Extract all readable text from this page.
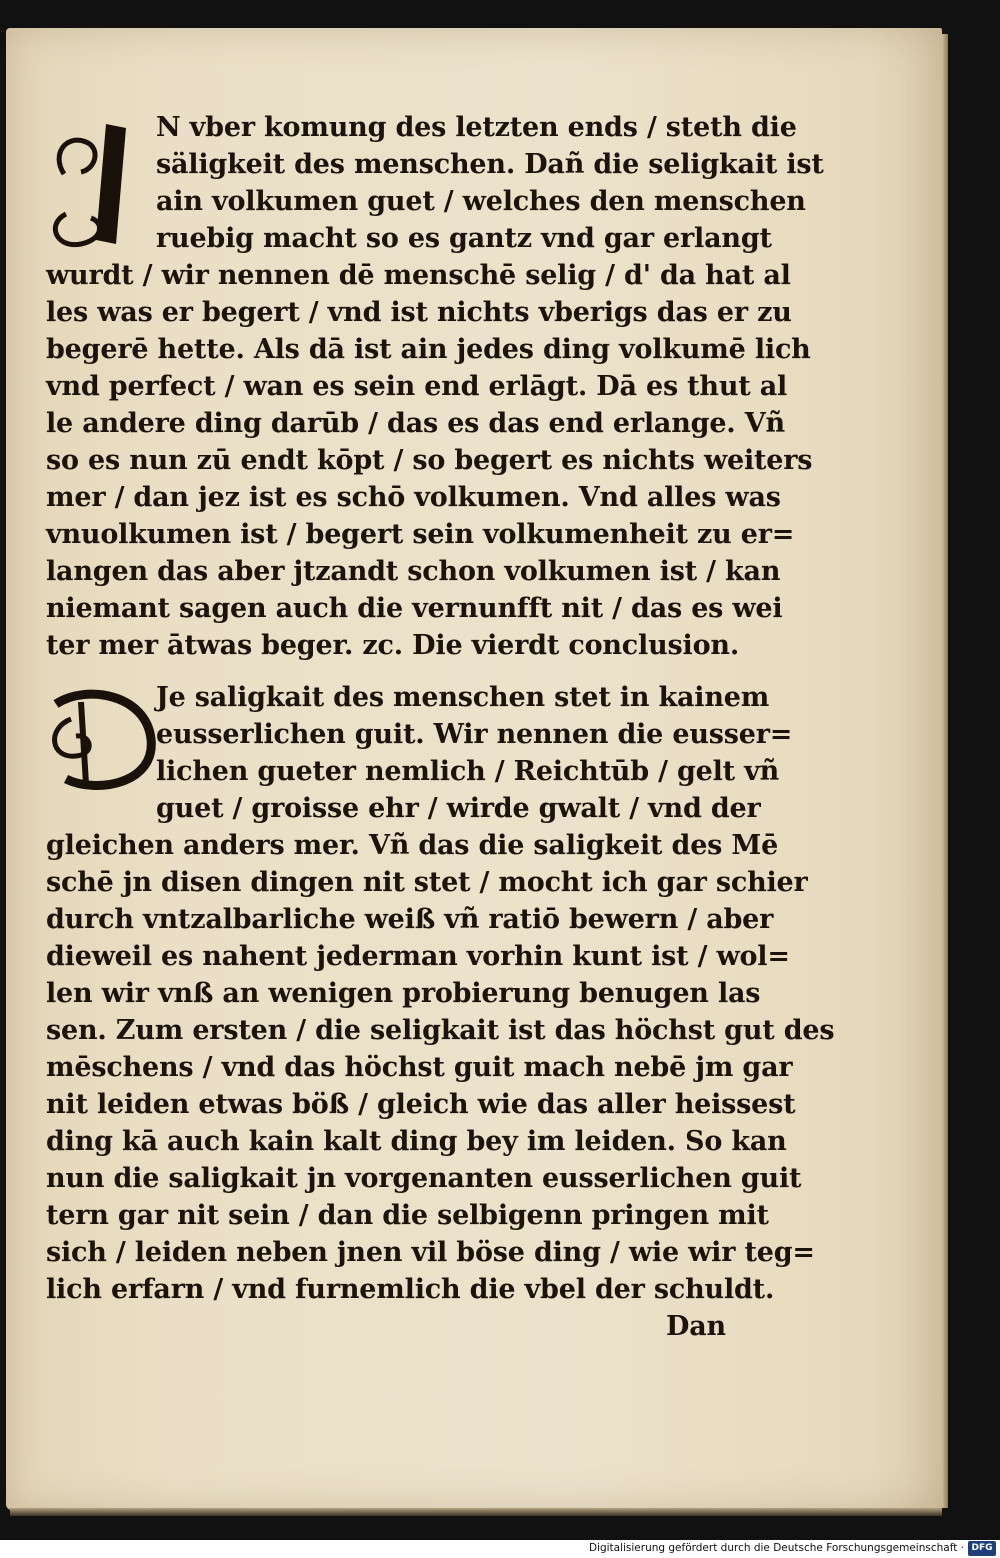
N vber komung des letzten ends / steth die
säligkeit des menschen. Dañ die seligkait ist
ain volkumen guet / welches den menschen
ruebig macht so es gantz vnd gar erlangt
wurdt / wir nennen dē menschē selig / d' da hat al
les was er begert / vnd ist nichts vberigs das er zu
begerē hette. Als dā ist ain jedes ding volkumē lich
vnd perfect / wan es sein end erlāgt. Dā es thut al
le andere ding darūb / das es das end erlange. Vñ
so es nun zū endt kōpt / so begert es nichts weiters
mer / dan jez ist es schō volkumen. Vnd alles was
vnuolkumen ist / begert sein volkumenheit zu er=
langen das aber jtzandt schon volkumen ist / kan
niemant sagen auch die vernunfft nit / das es wei
ter mer ātwas beger. zc. Die vierdt conclusion.
Je saligkait des menschen stet in kainem
eusserlichen guit. Wir nennen die eusser=
lichen gueter nemlich / Reichtūb / gelt vñ
guet / groisse ehr / wirde gwalt / vnd der
gleichen anders mer. Vñ das die saligkeit des Mē
schē jn disen dingen nit stet / mocht ich gar schier
durch vntzalbarliche weiß vñ ratiō bewern / aber
dieweil es nahent jederman vorhin kunt ist / wol=
len wir vnß an wenigen probierung benugen las
sen. Zum ersten / die seligkait ist das höchst gut des
mēschens / vnd das höchst guit mach nebē jm gar
nit leiden etwas böß / gleich wie das aller heissest
ding kā auch kain kalt ding bey im leiden. So kan
nun die saligkait jn vorgenanten eusserlichen guit
tern gar nit sein / dan die selbigenn pringen mit
sich / leiden neben jnen vil böse ding / wie wir teg=
lich erfarn / vnd furnemlich die vbel der schuldt.
Dan
Digitalisierung gefördert durch die Deutsche Forschungsgemeinschaft · DFG
